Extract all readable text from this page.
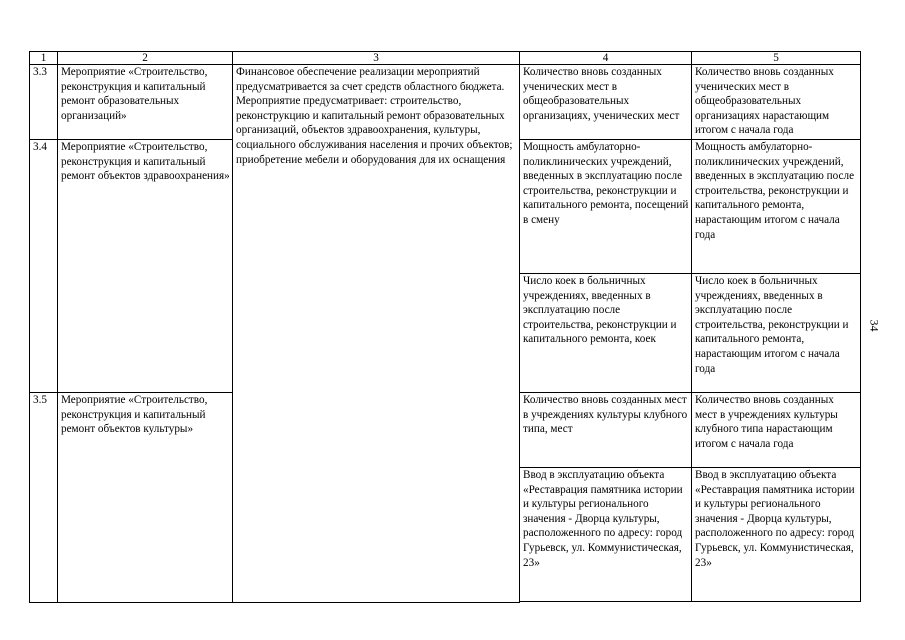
1	2	3	4	5	
3.3	Мероприятие «Строительство, реконструкция и капитальный ремонт образовательных организаций»	Финансовое обеспечение реализации мероприятий предусматривается за счет средств областного бюджета. Мероприятие предусматривает: строительство, реконструкцию и капитальный ремонт образовательных организаций, объектов здравоохранения, культуры, социального обслуживания населения и прочих объектов; приобретение мебели и оборудования для их оснащения	Количество вновь созданных ученических мест в общеобразовательных организациях, ученических мест	Количество вновь созданных ученических мест в общеобразовательных организациях нарастающим итогом с начала года	
3.4	Мероприятие «Строительство, реконструкция и капитальный ремонт объектов здравоохранения»		Мощность амбулаторно-поликлинических учреждений, введенных в эксплуатацию после строительства, реконструкции и капитального ремонта, посещений в смену	Мощность амбулаторно-поликлинических учреждений, введенных в эксплуатацию после строительства, реконструкции и капитального ремонта, нарастающим итогом с начала года	
			Число коек в больничных учреждениях, введенных в эксплуатацию после строительства, реконструкции и капитального ремонта, коек	Число коек в больничных учреждениях, введенных в эксплуатацию после строительства, реконструкции и капитального ремонта, нарастающим итогом с начала года	
3.5	Мероприятие «Строительство, реконструкция и капитальный ремонт объектов культуры»		Количество вновь созданных мест в учреждениях культуры клубного типа, мест	Количество вновь созданных мест в учреждениях культуры клубного типа нарастающим итогом с начала года	
			Ввод в эксплуатацию объекта «Реставрация памятника истории и культуры регионального значения - Дворца культуры, расположенного по адресу: город Гурьевск, ул. Коммунистическая, 23»	Ввод в эксплуатацию объекта «Реставрация памятника истории и культуры регионального значения - Дворца культуры, расположенного по адресу: город Гурьевск, ул. Коммунистическая, 23»	

34
